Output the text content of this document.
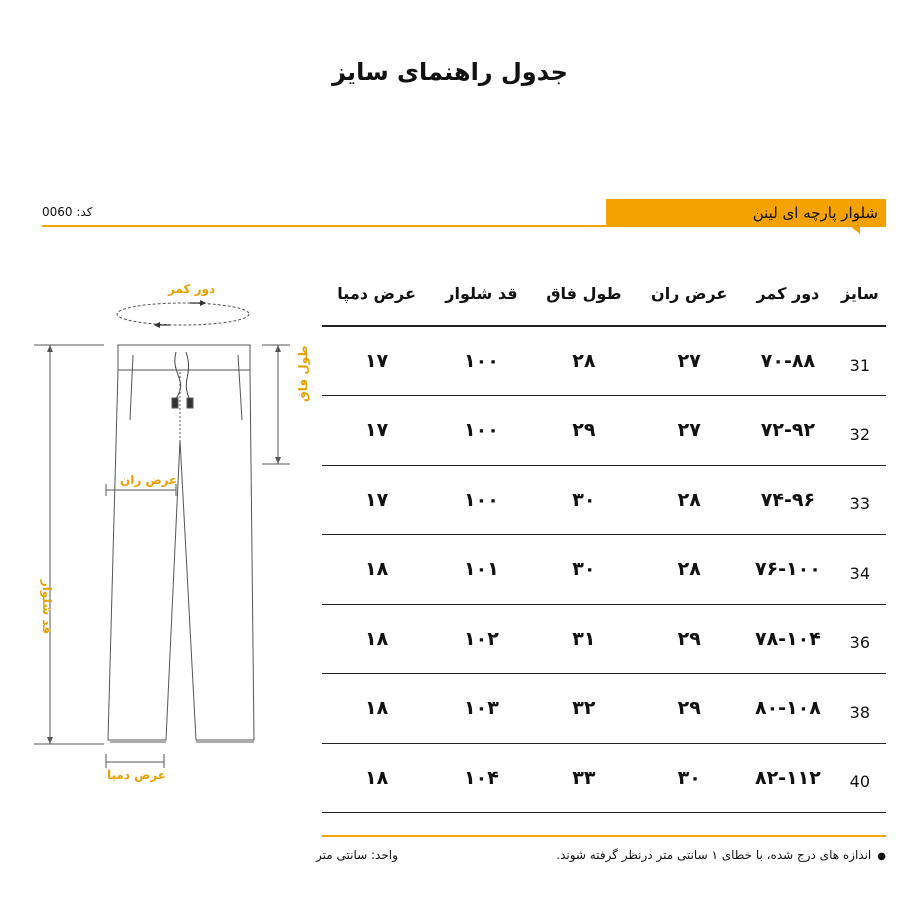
جدول راهنمای سایز
کد: 0060	شلوار پارچه ای لینن
دور کمر
عرض ران
عرض دمپا
طول فاق
قد شلوار
سایز	دور کمر	عرض ران	طول فاق	قد شلوار	عرض دمپا
31	۷۰-۸۸	۲۷	۲۸	۱۰۰	۱۷
32	۷۲-۹۲	۲۷	۲۹	۱۰۰	۱۷
33	۷۴-۹۶	۲۸	۳۰	۱۰۰	۱۷
34	۷۶-۱۰۰	۲۸	۳۰	۱۰۱	۱۸
36	۷۸-۱۰۴	۲۹	۳۱	۱۰۲	۱۸
38	۸۰-۱۰۸	۲۹	۳۲	۱۰۳	۱۸
40	۸۲-۱۱۲	۳۰	۳۳	۱۰۴	۱۸
●اندازه های درج شده، با خطای ۱ سانتی متر درنظر گرفته شوند.
واحد: سانتی متر
